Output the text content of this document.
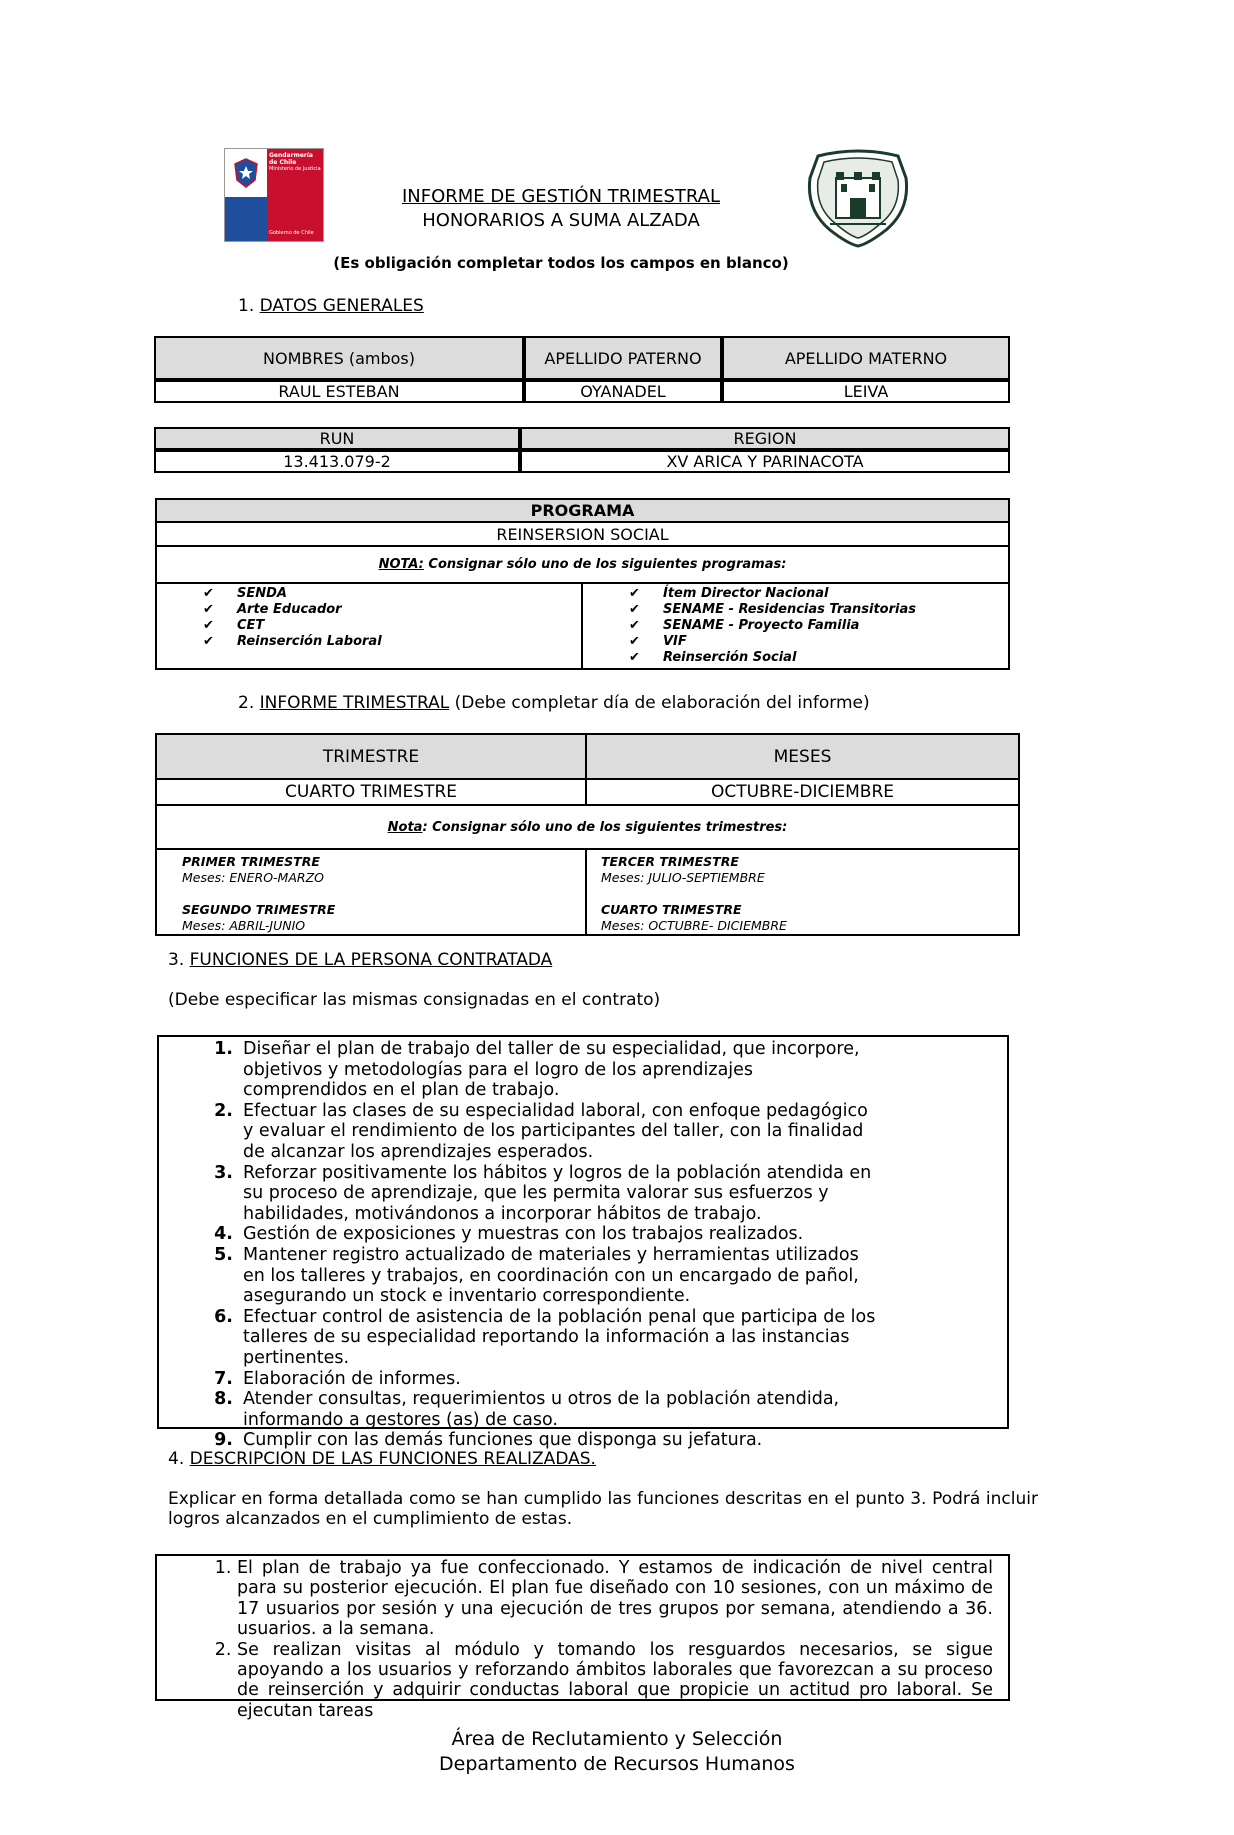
Gendarmería de Chile
Ministerio de Justicia
Gobierno de Chile
INFORME DE GESTIÓN TRIMESTRAL
HONORARIOS A SUMA ALZADA
(Es obligación completar todos los campos en blanco)
1. DATOS GENERALES
NOMBRES (ambos)	APELLIDO PATERNO	APELLIDO MATERNO
RAUL ESTEBAN	OYANADEL	LEIVA
RUN	REGION
13.413.079-2	XV ARICA Y PARINACOTA
PROGRAMA
REINSERSION SOCIAL
NOTA: Consignar sólo uno de los siguientes programas:
✔ SENDA
✔ Arte Educador
✔ CET
✔ Reinserción Laboral
✔ Ítem Director Nacional
✔ SENAME - Residencias Transitorias
✔ SENAME - Proyecto Familia
✔ VIF
✔ Reinserción Social
2. INFORME TRIMESTRAL (Debe completar día de elaboración del informe)
TRIMESTRE	MESES
CUARTO TRIMESTRE	OCTUBRE-DICIEMBRE
Nota: Consignar sólo uno de los siguientes trimestres:
PRIMER TRIMESTRE
Meses: ENERO-MARZO
SEGUNDO TRIMESTRE
Meses: ABRIL-JUNIO
TERCER TRIMESTRE
Meses: JULIO-SEPTIEMBRE
CUARTO TRIMESTRE
Meses: OCTUBRE- DICIEMBRE
3. FUNCIONES DE LA PERSONA CONTRATADA
(Debe especificar las mismas consignadas en el contrato)
1. Diseñar el plan de trabajo del taller de su especialidad, que incorpore, objetivos y metodologías para el logro de los aprendizajes comprendidos en el plan de trabajo.
2. Efectuar las clases de su especialidad laboral, con enfoque pedagógico y evaluar el rendimiento de los participantes del taller, con la finalidad de alcanzar los aprendizajes esperados.
3. Reforzar positivamente los hábitos y logros de la población atendida en su proceso de aprendizaje, que les permita valorar sus esfuerzos y habilidades, motivándonos a incorporar hábitos de trabajo.
4. Gestión de exposiciones y muestras con los trabajos realizados.
5. Mantener registro actualizado de materiales y herramientas utilizados en los talleres y trabajos, en coordinación con un encargado de pañol, asegurando un stock e inventario correspondiente.
6. Efectuar control de asistencia de la población penal que participa de los talleres de su especialidad reportando la información a las instancias pertinentes.
7. Elaboración de informes.
8. Atender consultas, requerimientos u otros de la población atendida, informando a gestores (as) de caso.
9. Cumplir con las demás funciones que disponga su jefatura.
4. DESCRIPCION DE LAS FUNCIONES REALIZADAS.
Explicar en forma detallada como se han cumplido las funciones descritas en el punto 3. Podrá incluir logros alcanzados en el cumplimiento de estas.
1. El plan de trabajo ya fue confeccionado. Y estamos de indicación de nivel central para su posterior ejecución. El plan fue diseñado con 10 sesiones, con un máximo de 17 usuarios por sesión y una ejecución de tres grupos por semana, atendiendo a 36. usuarios. a la semana.
2. Se realizan visitas al módulo y tomando los resguardos necesarios, se sigue apoyando a los usuarios y reforzando ámbitos laborales que favorezcan a su proceso de reinserción y adquirir conductas laboral que propicie un actitud pro laboral. Se ejecutan tareas
Área de Reclutamiento y Selección
Departamento de Recursos Humanos
